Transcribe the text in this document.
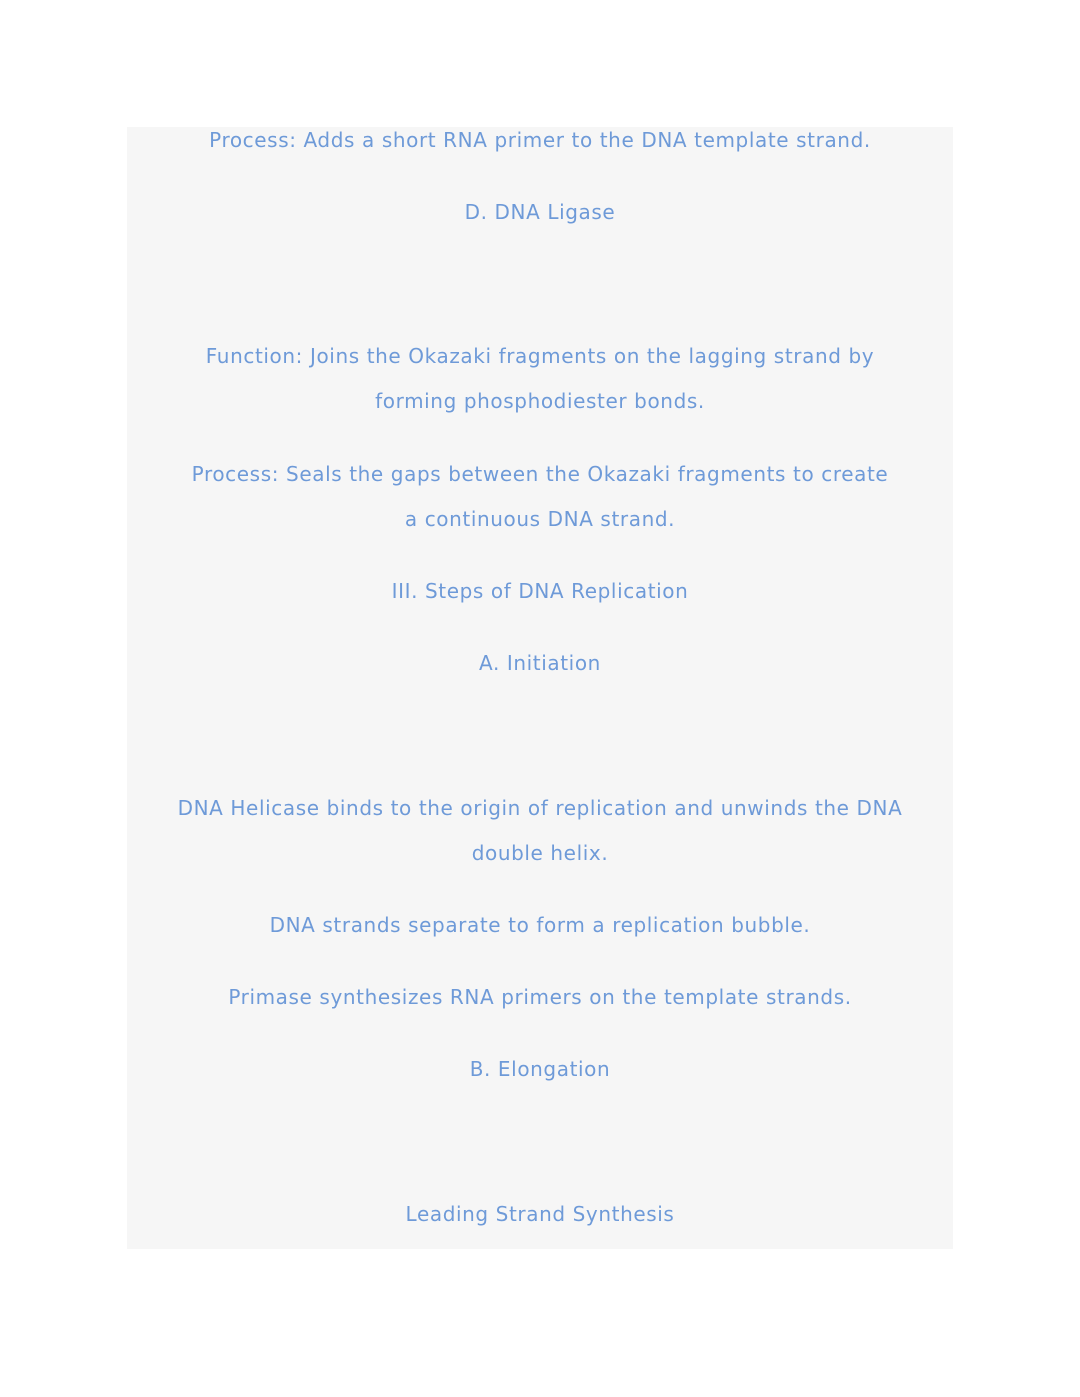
Process: Adds a short RNA primer to the DNA template strand.
D. DNA Ligase
Function: Joins the Okazaki fragments on the lagging strand by
forming phosphodiester bonds.
Process: Seals the gaps between the Okazaki fragments to create
a continuous DNA strand.
III. Steps of DNA Replication
A. Initiation
DNA Helicase binds to the origin of replication and unwinds the DNA
double helix.
DNA strands separate to form a replication bubble.
Primase synthesizes RNA primers on the template strands.
B. Elongation
Leading Strand Synthesis
